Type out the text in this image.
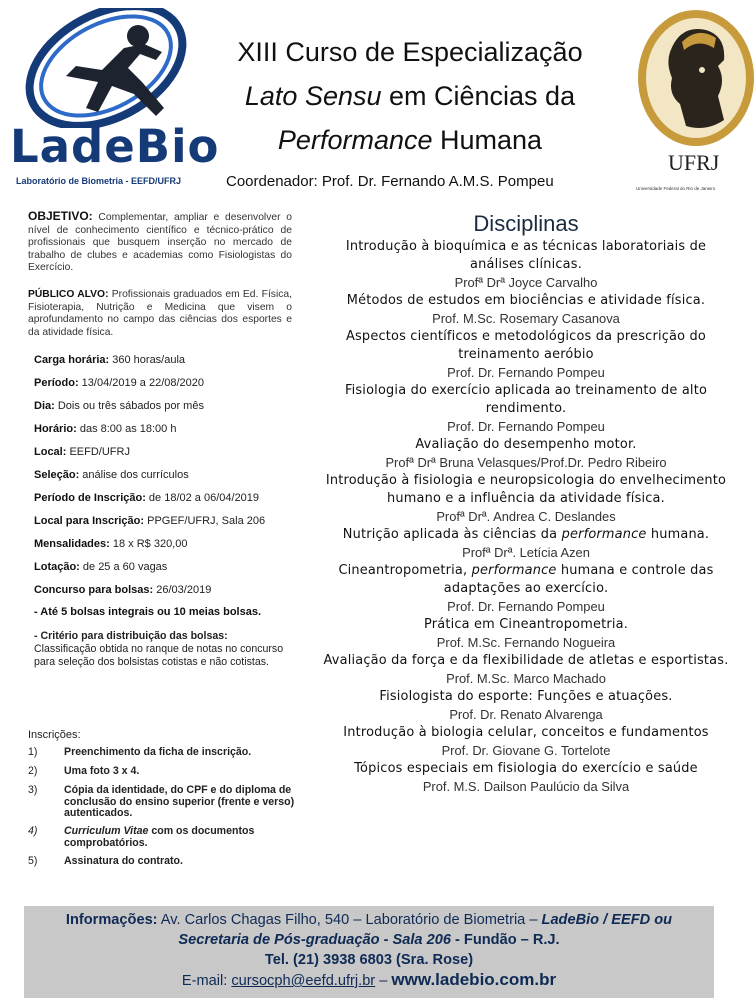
LadeBio
Laboratório de Biometria - EEFD/UFRJ
XIII Curso de Especialização
Lato Sensu em Ciências da
Performance Humana
Coordenador: Prof. Dr. Fernando A.M.S. Pompeu
UFRJ
Universidade Federal do Rio de Janeiro
OBJETIVO: Complementar, ampliar e desenvolver o nível de conhecimento científico e técnico-prático de profissionais que busquem inserção no mercado de trabalho de clubes e academias como Fisiologistas do Exercício.
PÚBLICO ALVO: Profissionais graduados em Ed. Física, Fisioterapia, Nutrição e Medicina que visem o aprofundamento no campo das ciências dos esportes e da atividade física.
Carga horária: 360 horas/aula
Período: 13/04/2019 a 22/08/2020
Dia: Dois ou três sábados por mês
Horário: das 8:00 as 18:00 h
Local: EEFD/UFRJ
Seleção: análise dos currículos
Período de Inscrição: de 18/02 a 06/04/2019
Local para Inscrição: PPGEF/UFRJ, Sala 206
Mensalidades: 18 x R$ 320,00
Lotação: de 25 a 60 vagas
Concurso para bolsas: 26/03/2019
- Até 5 bolsas integrais ou 10 meias bolsas.
- Critério para distribuição das bolsas:
Classificação obtida no ranque de notas no concurso para seleção dos bolsistas cotistas e não cotistas.
Inscrições:
1)	Preenchimento da ficha de inscrição.
2)	Uma foto 3 x 4.
3)	Cópia da identidade, do CPF e do diploma de conclusão do ensino superior (frente e verso) autenticados.
4)	Curriculum Vitae com os documentos comprobatórios.
5)	Assinatura do contrato.
Disciplinas
Introdução à bioquímica e as técnicas laboratoriais de análises clínicas.
Profª Drª Joyce Carvalho
Métodos de estudos em biociências e atividade física.
Prof. M.Sc. Rosemary Casanova
Aspectos científicos e metodológicos da prescrição do treinamento aeróbio
Prof. Dr. Fernando Pompeu
Fisiologia do exercício aplicada ao treinamento de alto rendimento.
Prof. Dr. Fernando Pompeu
Avaliação do desempenho motor.
Profª Drª Bruna Velasques/Prof.Dr. Pedro Ribeiro
Introdução à fisiologia e neuropsicologia do envelhecimento humano e a influência da atividade física.
Profª Drª. Andrea C. Deslandes
Nutrição aplicada às ciências da performance humana.
Profª Drª. Letícia Azen
Cineantropometria, performance humana e controle das adaptações ao exercício.
Prof. Dr. Fernando Pompeu
Prática em Cineantropometria.
Prof. M.Sc. Fernando Nogueira
Avaliação da força e da flexibilidade de atletas e esportistas.
Prof. M.Sc. Marco Machado
Fisiologista do esporte: Funções e atuações.
Prof. Dr. Renato Alvarenga
Introdução à biologia celular, conceitos e fundamentos
Prof. Dr. Giovane G. Tortelote
Tópicos especiais em fisiologia do exercício e saúde
Prof. M.S. Dailson Paulúcio da Silva
Informações: Av. Carlos Chagas Filho, 540 – Laboratório de Biometria – LadeBio / EEFD ou
Secretaria de Pós-graduação - Sala 206 - Fundão – R.J.
Tel. (21) 3938 6803 (Sra. Rose)
E-mail: cursocph@eefd.ufrj.br – www.ladebio.com.br
